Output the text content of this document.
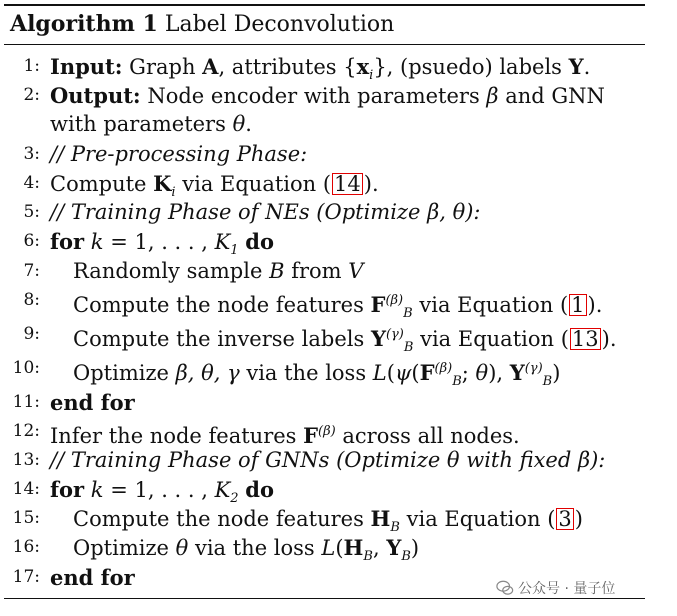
Algorithm 1 Label Deconvolution
1: Input: Graph A, attributes $\{x_i\}$, (psuedo) labels Y.
2: Output: Node encoder with parameters β and GNN
with parameters θ.
3: // Pre-processing Phase:
4: Compute $K_i$ via Equation ( 14 ).
5: // Training Phase of NEs (Optimize β, θ):
6: for k = 1, . . . , $K_1$ do
7: Randomly sample B from V
8: Compute the node features $F^{(\beta)}_B$ via Equation ( 1 ).
9: Compute the inverse labels $Y^{(\gamma)}_B$ via Equation ( 13 ).
10: Optimize β, θ, γ via the loss $L(\psi(F^{(\beta)}_B$; θ), $Y^{(\gamma)}_B$)
11: end for
12: Infer the node features $F^{(\beta)}$ across all nodes.
13: // Training Phase of GNNs (Optimize θ with fixed β):
14: for k = 1, . . . , $K_2$ do
15: Compute the node features $H_B$ via Equation ( 3 )
16: Optimize θ via the loss $L(H_B$, $Y_B$)
17: end for	公众号 · 量子位
